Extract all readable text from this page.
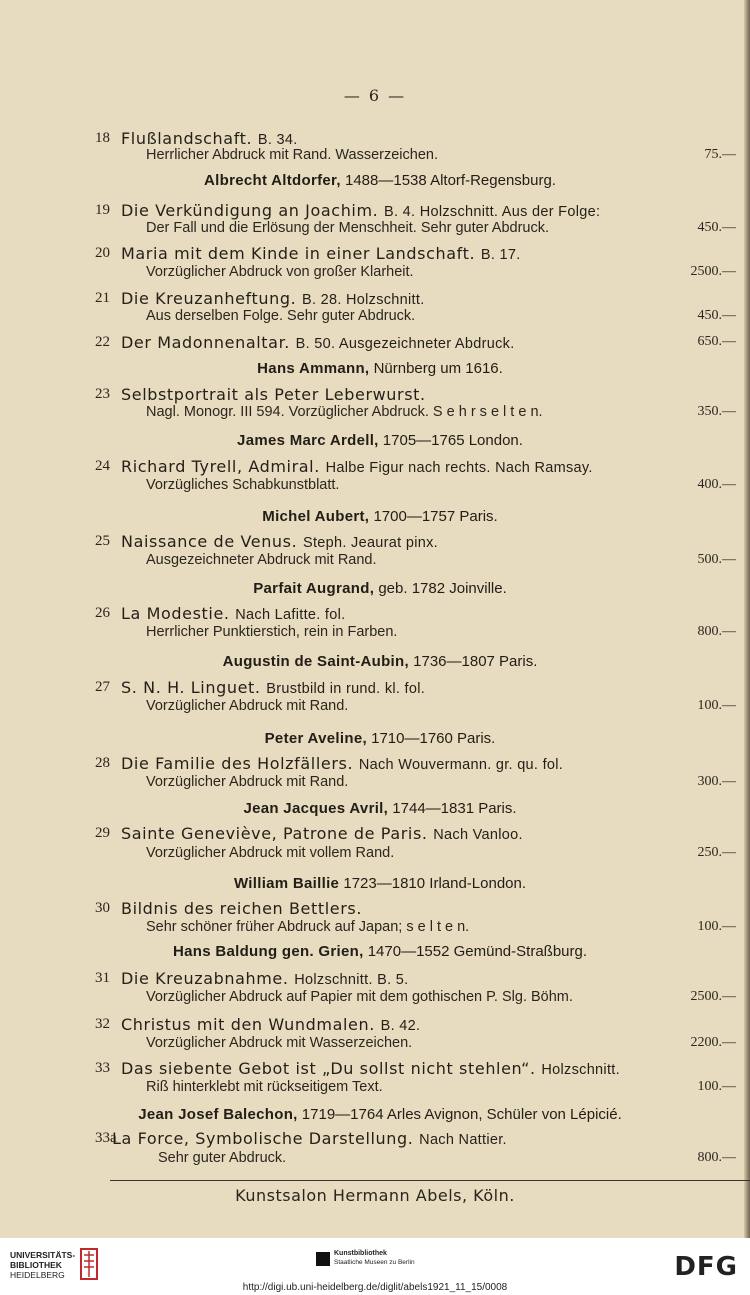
— 6 —
18 Flußlandschaft. B. 34.
Herrlicher Abdruck mit Rand. Wasserzeichen.	75.—
Albrecht Altdorfer, 1488—1538 Altorf-Regensburg.
19 Die Verkündigung an Joachim. B. 4. Holzschnitt. Aus der Folge:
Der Fall und die Erlösung der Menschheit. Sehr guter Abdruck.	450.—
20 Maria mit dem Kinde in einer Landschaft. B. 17.
Vorzüglicher Abdruck von großer Klarheit.	2500.—
21 Die Kreuzanheftung. B. 28. Holzschnitt.
Aus derselben Folge. Sehr guter Abdruck.	450.—
22 Der Madonnenaltar. B. 50. Ausgezeichneter Abdruck.	650.—
Hans Ammann, Nürnberg um 1616.
23 Selbstportrait als Peter Leberwurst.
Nagl. Monogr. III 594. Vorzüglicher Abdruck. S e h r s e l t e n.	350.—
James Marc Ardell, 1705—1765 London.
24 Richard Tyrell, Admiral. Halbe Figur nach rechts. Nach Ramsay.
Vorzügliches Schabkunstblatt.	400.—
Michel Aubert, 1700—1757 Paris.
25 Naissance de Venus. Steph. Jeaurat pinx.
Ausgezeichneter Abdruck mit Rand.	500.—
Parfait Augrand, geb. 1782 Joinville.
26 La Modestie. Nach Lafitte. fol.
Herrlicher Punktierstich, rein in Farben.	800.—
Augustin de Saint-Aubin, 1736—1807 Paris.
27 S. N. H. Linguet. Brustbild in rund. kl. fol.
Vorzüglicher Abdruck mit Rand.	100.—
Peter Aveline, 1710—1760 Paris.
28 Die Familie des Holzfällers. Nach Wouvermann. gr. qu. fol.
Vorzüglicher Abdruck mit Rand.	300.—
Jean Jacques Avril, 1744—1831 Paris.
29 Sainte Geneviève, Patrone de Paris. Nach Vanloo.
Vorzüglicher Abdruck mit vollem Rand.	250.—
William Baillie 1723—1810 Irland-London.
30 Bildnis des reichen Bettlers.
Sehr schöner früher Abdruck auf Japan; s e l t e n.	100.—
Hans Baldung gen. Grien, 1470—1552 Gemünd-Straßburg.
31 Die Kreuzabnahme. Holzschnitt. B. 5.
Vorzüglicher Abdruck auf Papier mit dem gothischen P. Slg. Böhm.	2500.—
32 Christus mit den Wundmalen. B. 42.
Vorzüglicher Abdruck mit Wasserzeichen.	2200.—
33 Das siebente Gebot ist „Du sollst nicht stehlen“. Holzschnitt.
Riß hinterklebt mit rückseitigem Text.	100.—
Jean Josef Balechon, 1719—1764 Arles Avignon, Schüler von Lépicié.
33a
La Force, Symbolische Darstellung. Nach Nattier.
Sehr guter Abdruck.	800.—
Kunstsalon Hermann Abels, Köln.
UNIVERSITÄTS-
BIBLIOTHEK
HEIDELBERG
Kunstbibliothek
Staatliche Museen zu Berlin	DFG
http://digi.ub.uni-heidelberg.de/diglit/abels1921_11_15/0008
